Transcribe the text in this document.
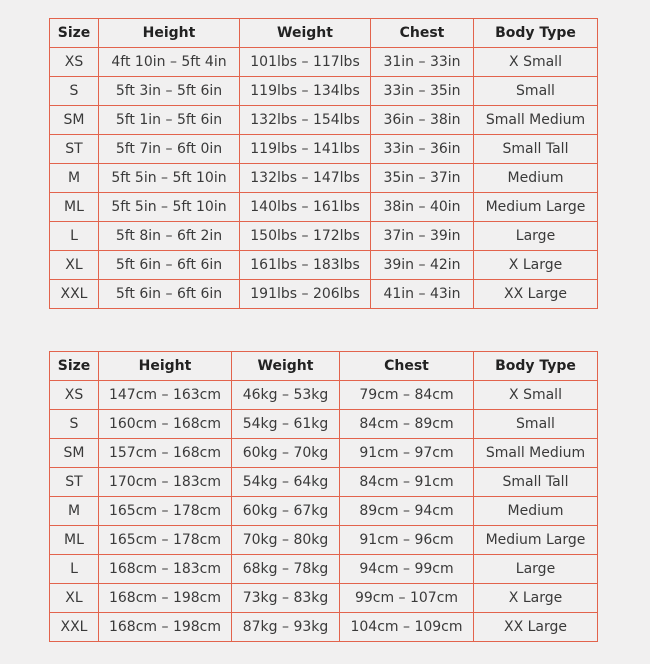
Size	Height	Weight	Chest	Body Type
XS	4ft 10in – 5ft 4in	101lbs – 117lbs	31in – 33in	X Small
S	5ft 3in – 5ft 6in	119lbs – 134lbs	33in – 35in	Small
SM	5ft 1in – 5ft 6in	132lbs – 154lbs	36in – 38in	Small Medium
ST	5ft 7in – 6ft 0in	119lbs – 141lbs	33in – 36in	Small Tall
M	5ft 5in – 5ft 10in	132lbs – 147lbs	35in – 37in	Medium
ML	5ft 5in – 5ft 10in	140lbs – 161lbs	38in – 40in	Medium Large
L	5ft 8in – 6ft 2in	150lbs – 172lbs	37in – 39in	Large
XL	5ft 6in – 6ft 6in	161lbs – 183lbs	39in – 42in	X Large
XXL	5ft 6in – 6ft 6in	191lbs – 206lbs	41in – 43in	XX Large
Size	Height	Weight	Chest	Body Type
XS	147cm – 163cm	46kg – 53kg	79cm – 84cm	X Small
S	160cm – 168cm	54kg – 61kg	84cm – 89cm	Small
SM	157cm – 168cm	60kg – 70kg	91cm – 97cm	Small Medium
ST	170cm – 183cm	54kg – 64kg	84cm – 91cm	Small Tall
M	165cm – 178cm	60kg – 67kg	89cm – 94cm	Medium
ML	165cm – 178cm	70kg – 80kg	91cm – 96cm	Medium Large
L	168cm – 183cm	68kg – 78kg	94cm – 99cm	Large
XL	168cm – 198cm	73kg – 83kg	99cm – 107cm	X Large
XXL	168cm – 198cm	87kg – 93kg	104cm – 109cm	XX Large
